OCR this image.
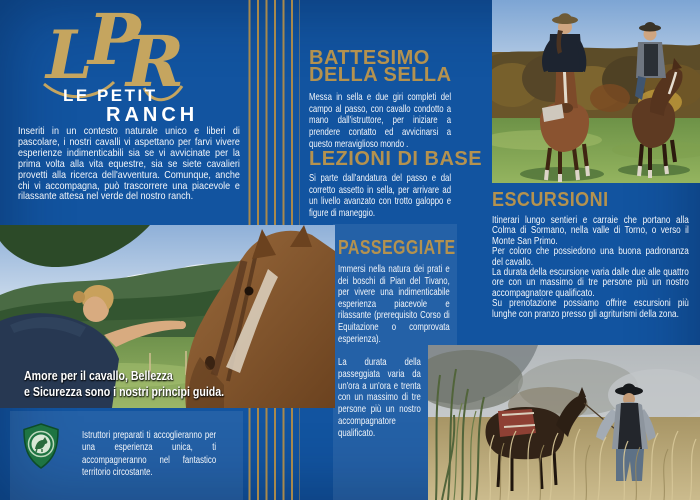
L
P
R
LE PETIT
RANCH
Inseriti in un contesto naturale unico e liberi di pascolare, i nostri cavalli vi aspettano per farvi vivere esperienze indimenticabili sia se vi avvicinate per la prima volta alla vita equestre, sia se siete cavalieri provetti alla ricerca dell'avventura. Comunque, anche chi vi accompagna, può trascorrere una piacevole e rilassante attesa nel verde del nostro ranch.
Amore per il cavallo, Bellezza
e Sicurezza sono i nostri principi guida.
Istruttori preparati ti accoglieranno per una esperienza unica, ti accompagneranno nel fantastico territorio circostante.
BATTESIMO
DELLA SELLA
Messa in sella e due giri completi del campo al passo, con cavallo condotto a mano dall'istruttore, per iniziare a prendere contatto ed avvicinarsi a questo meraviglioso mondo .
LEZIONI DI BASE
Si parte dall'andatura del passo e dal corretto assetto in sella, per arrivare ad un livello avanzato con trotto galoppo e figure di maneggio.
PASSEGGIATE
Immersi nella natura dei prati e dei boschi di Pian del Tivano, per vivere una indimenticabile esperienza piacevole e rilassante (prerequisito Corso di Equitazione o comprovata esperienza).
La durata della passeggiata varia da un'ora a un'ora e trenta con un massimo di tre persone più un nostro accompagnatore qualificato.
ESCURSIONI

Itinerari lungo sentieri e carraie che portano alla Colma di Sormano, nella valle di Torno, o verso il Monte San Primo.

Per coloro che possiedono una buona padronanza del cavallo.

La durata della escursione varia dalle due alle quattro ore con un massimo di tre persone più un nostro accompagnatore qualificato.

Su prenotazione possiamo offrire escursioni più lunghe con pranzo presso gli agriturismi della zona.
